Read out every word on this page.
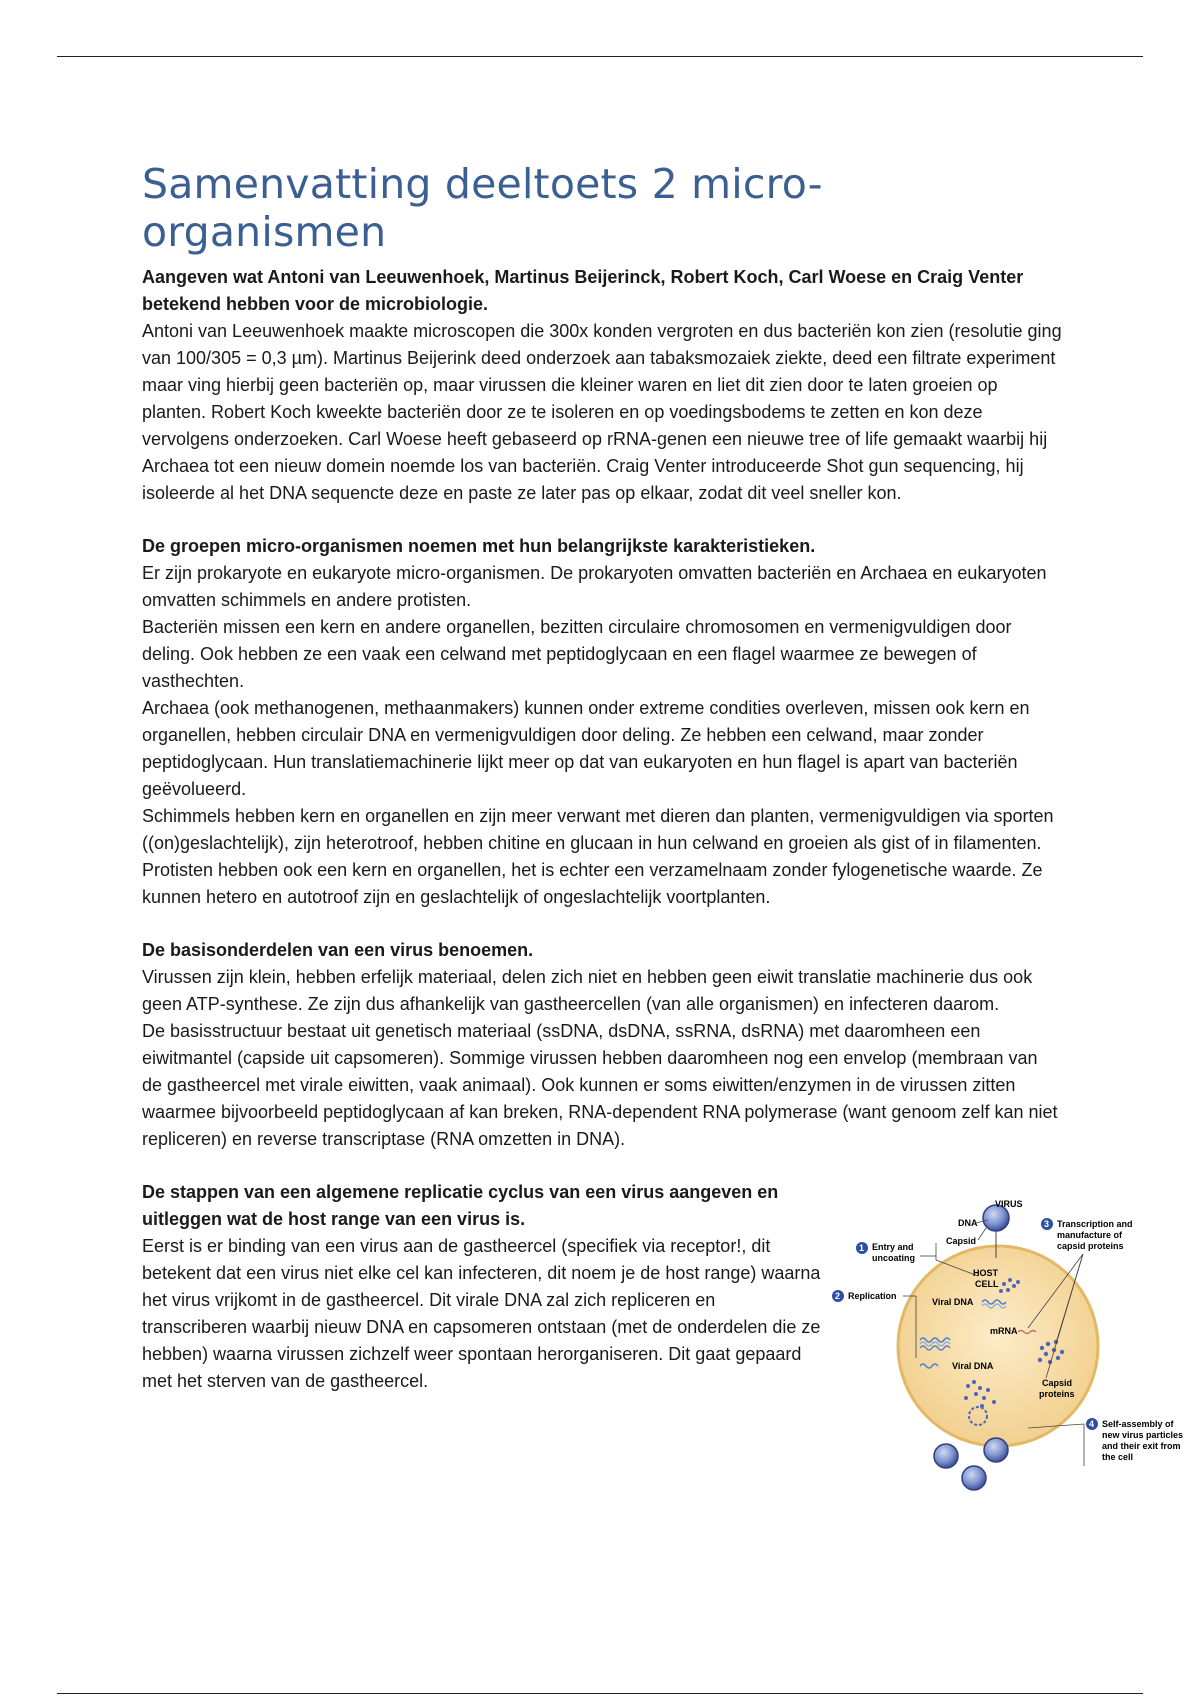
Samenvatting deeltoets 2 micro-organismen

Aangeven wat Antoni van Leeuwenhoek, Martinus Beijerinck, Robert Koch, Carl Woese en Craig Venter betekend hebben voor de microbiologie.

Antoni van Leeuwenhoek maakte microscopen die 300x konden vergroten en dus bacteriën kon zien (resolutie ging van 100/305 = 0,3 µm). Martinus Beijerink deed onderzoek aan tabaksmozaiek ziekte, deed een filtrate experiment maar ving hierbij geen bacteriën op, maar virussen die kleiner waren en liet dit zien door te laten groeien op planten. Robert Koch kweekte bacteriën door ze te isoleren en op voedingsbodems te zetten en kon deze vervolgens onderzoeken. Carl Woese heeft gebaseerd op rRNA-genen een nieuwe tree of life gemaakt waarbij hij Archaea tot een nieuw domein noemde los van bacteriën. Craig Venter introduceerde Shot gun sequencing, hij isoleerde al het DNA sequencte deze en paste ze later pas op elkaar, zodat dit veel sneller kon.

De groepen micro-organismen noemen met hun belangrijkste karakteristieken.

Er zijn prokaryote en eukaryote micro-organismen. De prokaryoten omvatten bacteriën en Archaea en eukaryoten omvatten schimmels en andere protisten.

Bacteriën missen een kern en andere organellen, bezitten circulaire chromosomen en vermenigvuldigen door deling. Ook hebben ze een vaak een celwand met peptidoglycaan en een flagel waarmee ze bewegen of vasthechten.

Archaea (ook methanogenen, methaanmakers) kunnen onder extreme condities overleven, missen ook kern en organellen, hebben circulair DNA en vermenigvuldigen door deling. Ze hebben een celwand, maar zonder peptidoglycaan. Hun translatiemachinerie lijkt meer op dat van eukaryoten en hun flagel is apart van bacteriën geëvolueerd.

Schimmels hebben kern en organellen en zijn meer verwant met dieren dan planten, vermenigvuldigen via sporten ((on)geslachtelijk), zijn heterotroof, hebben chitine en glucaan in hun celwand en groeien als gist of in filamenten.

Protisten hebben ook een kern en organellen, het is echter een verzamelnaam zonder fylogenetische waarde. Ze kunnen hetero en autotroof zijn en geslachtelijk of ongeslachtelijk voortplanten.

De basisonderdelen van een virus benoemen.

Virussen zijn klein, hebben erfelijk materiaal, delen zich niet en hebben geen eiwit translatie machinerie dus ook geen ATP-synthese. Ze zijn dus afhankelijk van gastheercellen (van alle organismen) en infecteren daarom.

De basisstructuur bestaat uit genetisch materiaal (ssDNA, dsDNA, ssRNA, dsRNA) met daaromheen een eiwitmantel (capside uit capsomeren). Sommige virussen hebben daaromheen nog een envelop (membraan van de gastheercel met virale eiwitten, vaak animaal). Ook kunnen er soms eiwitten/enzymen in de virussen zitten waarmee bijvoorbeeld peptidoglycaan af kan breken, RNA-dependent RNA polymerase (want genoom zelf kan niet repliceren) en reverse transcriptase (RNA omzetten in DNA).

De stappen van een algemene replicatie cyclus van een virus aangeven en uitleggen wat de host range van een virus is.

Eerst is er binding van een virus aan de gastheercel (specifiek via receptor!, dit betekent dat een virus niet elke cel kan infecteren, dit noem je de host range) waarna het virus vrijkomt in de gastheercel. Dit virale DNA zal zich repliceren en transcriberen waarbij nieuw DNA en capsomeren ontstaan (met de onderdelen die ze hebben) waarna virussen zichzelf weer spontaan herorganiseren. Dit gaat gepaard met het sterven van de gastheercel.

VIRUS
DNA
Capsid
1 Entry and
uncoating
HOST
CELL
2 Replication
Viral DNA
mRNA
Viral DNA
Capsid
proteins
3 Transcription and
manufacture of
capsid proteins
4 Self-assembly of
new virus particles
and their exit from
the cell
